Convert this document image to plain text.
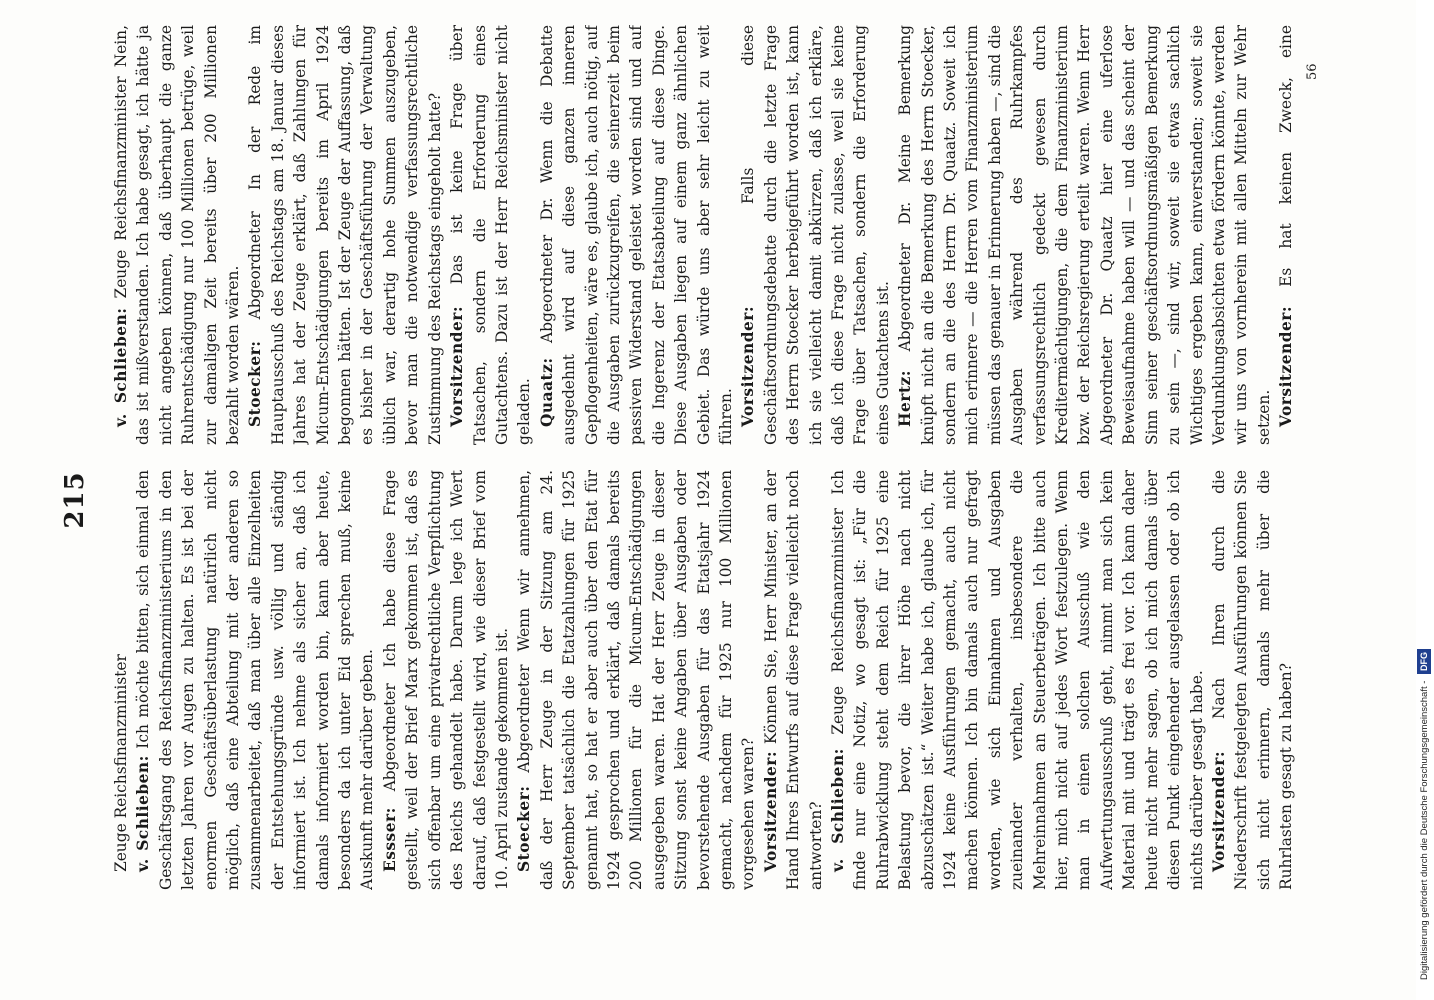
215

Zeuge Reichsfinanzminister v. Schlieben: Ich möchte bitten, sich einmal den Geschäftsgang des Reichsfinanzministeriums in den letzten Jahren vor Augen zu halten. Es ist bei der enormen Geschäftsüberlastung natürlich nicht möglich, daß eine Abteilung mit der anderen so zusammenarbeitet, daß man über alle Einzelheiten der Entstehungsgründe usw. völlig und ständig informiert ist. Ich nehme als sicher an, daß ich damals informiert worden bin, kann aber heute, besonders da ich unter Eid sprechen muß, keine Auskunft mehr darüber geben. Essser: Abgeordneter Ich habe diese Frage gestellt, weil der Brief Marx gekommen ist, daß es sich offenbar um eine privatrechtliche Verpflichtung des Reichs gehandelt habe. Darum lege ich Wert darauf, daß festgestellt wird, wie dieser Brief vom 10. April zustande gekommen ist. Stoecker: Abgeordneter Wenn wir annehmen, daß der Herr Zeuge in der Sitzung am 24. September tatsächlich die Etatzahlungen für 1925 genannt hat, so hat er aber auch über den Etat für 1924 gesprochen und erklärt, daß damals bereits 200 Millionen für die Micum-Entschädigungen ausgegeben waren. Hat der Herr Zeuge in dieser Sitzung sonst keine Angaben über Ausgaben oder bevorstehende Ausgaben für das Etatsjahr 1924 gemacht, nachdem für 1925 nur 100 Millionen vorgesehen waren? Vorsitzender: Können Sie, Herr Minister, an der Hand Ihres Entwurfs auf diese Frage vielleicht noch antworten? v. Schlieben: Zeuge Reichsfinanzminister Ich finde nur eine Notiz, wo gesagt ist: „Für die Ruhrabwicklung steht dem Reich für 1925 eine Belastung bevor, die ihrer Höhe nach nicht abzuschätzen ist.“ Weiter habe ich, glaube ich, für 1924 keine Ausführungen gemacht, auch nicht machen können. Ich bin damals auch nur gefragt worden, wie sich Einnahmen und Ausgaben zueinander verhalten, insbesondere die Mehreinnahmen an Steuerbeträgen. Ich bitte auch hier, mich nicht auf jedes Wort festzulegen. Wenn man in einen solchen Ausschuß wie den Aufwertungsausschuß geht, nimmt man sich kein Material mit und trägt es frei vor. Ich kann daher heute nicht mehr sagen, ob ich mich damals über diesen Punkt eingehender ausgelassen oder ob ich nichts darüber gesagt habe. Vorsitzender: Nach Ihren durch die Niederschrift festgelegten Ausführungen können Sie sich nicht erinnern, damals mehr über die Ruhrlasten gesagt zu haben?

v. Schlieben: Zeuge Reichsfinanzminister Nein, das ist mißverstanden. Ich habe gesagt, ich hätte ja nicht angeben können, daß überhaupt die ganze Ruhrentschädigung nur 100 Millionen betrüge, weil zur damaligen Zeit bereits über 200 Millionen bezahlt worden wären. Stoecker: Abgeordneter In der Rede im Hauptausschuß des Reichstags am 18. Januar dieses Jahres hat der Zeuge erklärt, daß Zahlungen für Micum-Entschädigungen bereits im April 1924 begonnen hätten. Ist der Zeuge der Auffassung, daß es bisher in der Geschäftsführung der Verwaltung üblich war, derartig hohe Summen auszugeben, bevor man die notwendige verfassungsrechtliche Zustimmung des Reichstags eingeholt hatte? Vorsitzender: Das ist keine Frage über Tatsachen, sondern die Erforderung eines Gutachtens. Dazu ist der Herr Reichsminister nicht geladen. Quaatz: Abgeordneter Dr. Wenn die Debatte ausgedehnt wird auf diese ganzen inneren Gepflogenheiten, wäre es, glaube ich, auch nötig, auf die Ausgaben zurückzugreifen, die seinerzeit beim passiven Widerstand geleistet worden sind und auf die Ingerenz der Etatsabteilung auf diese Dinge. Diese Ausgaben liegen auf einem ganz ähnlichen Gebiet. Das würde uns aber sehr leicht zu weit führen. Vorsitzender: Falls diese Geschäftsordnungsdebatte durch die letzte Frage des Herrn Stoecker herbeigeführt worden ist, kann ich sie vielleicht damit abkürzen, daß ich erkläre, daß ich diese Frage nicht zulasse, weil sie keine Frage über Tatsachen, sondern die Erforderung eines Gutachtens ist. Hertz: Abgeordneter Dr. Meine Bemerkung knüpft nicht an die Bemerkung des Herrn Stoecker, sondern an die des Herrn Dr. Quaatz. Soweit ich mich erinnere — die Herren vom Finanzministerium müssen das genauer in Erinnerung haben —, sind die Ausgaben während des Ruhrkampfes verfassungsrechtlich gedeckt gewesen durch Kreditermächtigungen, die dem Finanzministerium bzw. der Reichsregierung erteilt waren. Wenn Herr Abgeordneter Dr. Quaatz hier eine uferlose Beweisaufnahme haben will — und das scheint der Sinn seiner geschäftsordnungsmäßigen Bemerkung zu sein —, sind wir, soweit sie etwas sachlich Wichtiges ergeben kann, einverstanden; soweit sie Verdunklungsabsichten etwa fördern könnte, werden wir uns von vornherein mit allen Mitteln zur Wehr setzen. Vorsitzender: Es hat keinen Zweck, eine

56
Digitalisierung gefördert durch die Deutsche Forschungsgemeinschaft - DFG
